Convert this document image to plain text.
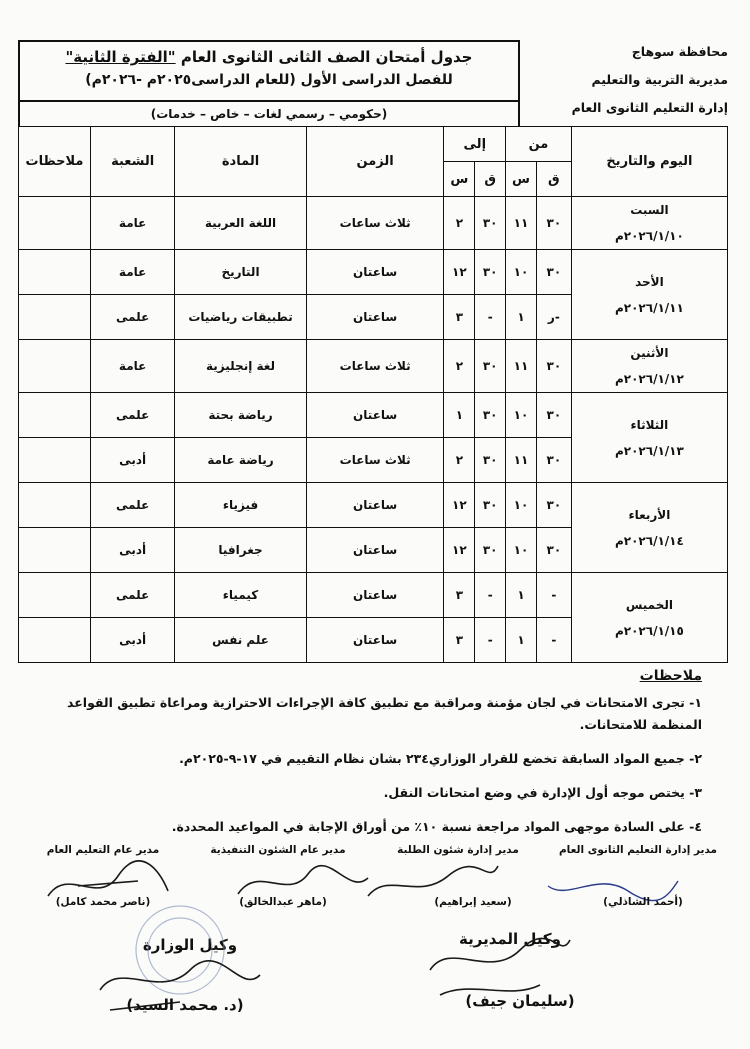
محافظة سوهاج
مديرية التربية والتعليم
إدارة التعليم الثانوى العام
جدول أمتحان الصف الثانى الثانوى العام "الفترة الثانية"
للفصل الدراسى الأول (للعام الدراسى٢٠٢٥م -٢٠٢٦م)
(حكومي – رسمي لغات – خاص – خدمات)
اليوم والتاريخ	من		إلى		الزمن	المادة	الشعبة	ملاحظات
	ق	س	ق	س				

السبت
٢٠٢٦/١/١٠م	٣٠	١١	٣٠	٢	ثلاث ساعات	اللغة العربية	عامة	

الأحد
٢٠٢٦/١/١١م	٣٠	١٠	٣٠	١٢	ساعتان	التاريخ	عامة	
	-ر	١	-	٣	ساعتان	تطبيقات رياضيات	علمى	

الأثنين
٢٠٢٦/١/١٢م	٣٠	١١	٣٠	٢	ثلاث ساعات	لغة إنجليزية	عامة	

الثلاثاء
٢٠٢٦/١/١٣م	٣٠	١٠	٣٠	١	ساعتان	رياضة بحتة	علمى	
	٣٠	١١	٣٠	٢	ثلاث ساعات	رياضة عامة	أدبى	

الأربعاء
٢٠٢٦/١/١٤م	٣٠	١٠	٣٠	١٢	ساعتان	فيزياء	علمى	
	٣٠	١٠	٣٠	١٢	ساعتان	جغرافيا	أدبى	

الخميس
٢٠٢٦/١/١٥م	-	١	-	٣	ساعتان	كيمياء	علمى	
	-	١	-	٣	ساعتان	علم نفس	أدبى	
ملاحظات
١- تجرى الامتحانات في لجان مؤمنة ومراقبة مع تطبيق كافة الإجراءات الاحترازية ومراعاة تطبيق القواعد المنظمة للامتحانات.
٢- جميع المواد السابقة تخضع للقرار الوزاري٢٣٤ بشان نظام التقييم في ١٧-٩-٢٠٢٥م.
٣- يختص موجه أول الإدارة في وضع امتحانات النقل.
٤- على السادة موجهى المواد مراجعة نسبة ١٠٪ من أوراق الإجابة في المواعيد المحددة.
مدير إدارة التعليم الثانوى العام
مدير إدارة شئون الطلبة
مدير عام الشئون التنفيذية
مدير عام التعليم العام
(أحمد الشاذلي)
(سعيد إبراهيم)
(ماهر عبدالخالق)
(ناصر محمد كامل)
وكيل المديرية
وكيل الوزارة
(سليمان جيف)
(د. محمد السيد)
